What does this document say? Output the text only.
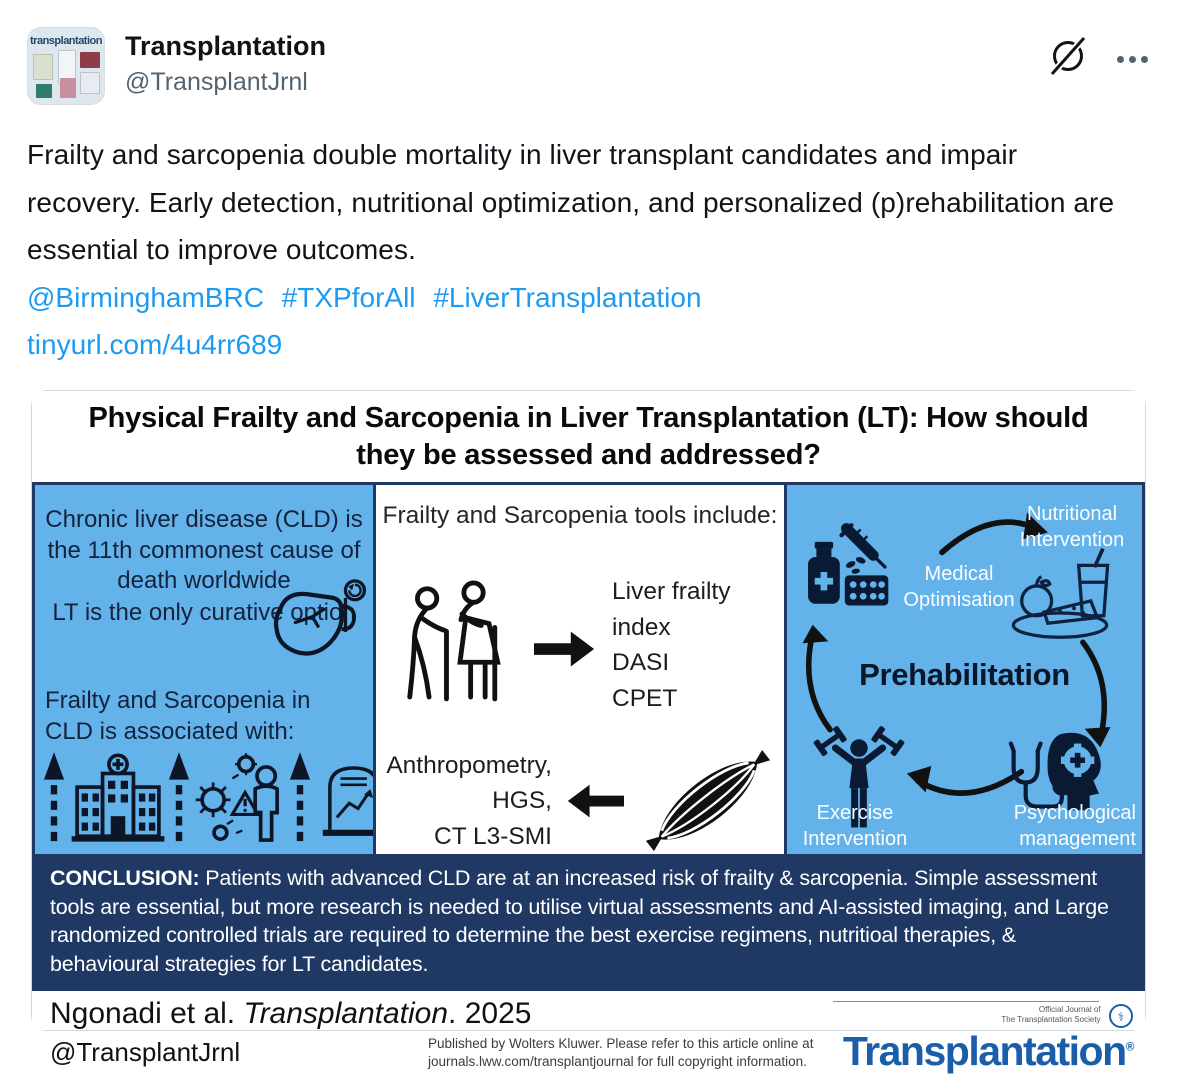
transplantation Transplantation
@TransplantJrnl

Frailty and sarcopenia double mortality in liver transplant candidates and impair recovery. Early detection, nutritional optimization, and personalized (p)rehabilitation are essential to improve outcomes.

@BirminghamBRC #TXPforAll #LiverTransplantation
tinyurl.com/4u4rr689
Physical Frailty and Sarcopenia in Liver Transplantation (LT): How should they be assessed and addressed?
Chronic liver disease (CLD) is the 11th commonest cause of death worldwide
LT is the only curative option
Frailty and Sarcopenia in CLD is associated with:
Frailty and Sarcopenia tools include:
Liver frailty index
DASI
CPET
Anthropometry,
HGS,
CT L3-SMI
Medical Optimisation
Nutritional Intervention
Prehabilitation
Exercise Intervention
Psychological management
CONCLUSION: Patients with advanced CLD are at an increased risk of frailty & sarcopenia. Simple assessment tools are essential, but more research is needed to utilise virtual assessments and AI-assisted imaging, and Large randomized controlled trials are required to determine the best exercise regimens, nutritioal therapies, & behavioural strategies for LT candidates.
Ngonadi et al. Transplantation. 2025
@TransplantJrnl	Published by Wolters Kluwer. Please refer to this article online at
journals.lww.com/transplantjournal for full copyright information.
Official Journal of
The Transplantation Society ⚕
Transplantation®
